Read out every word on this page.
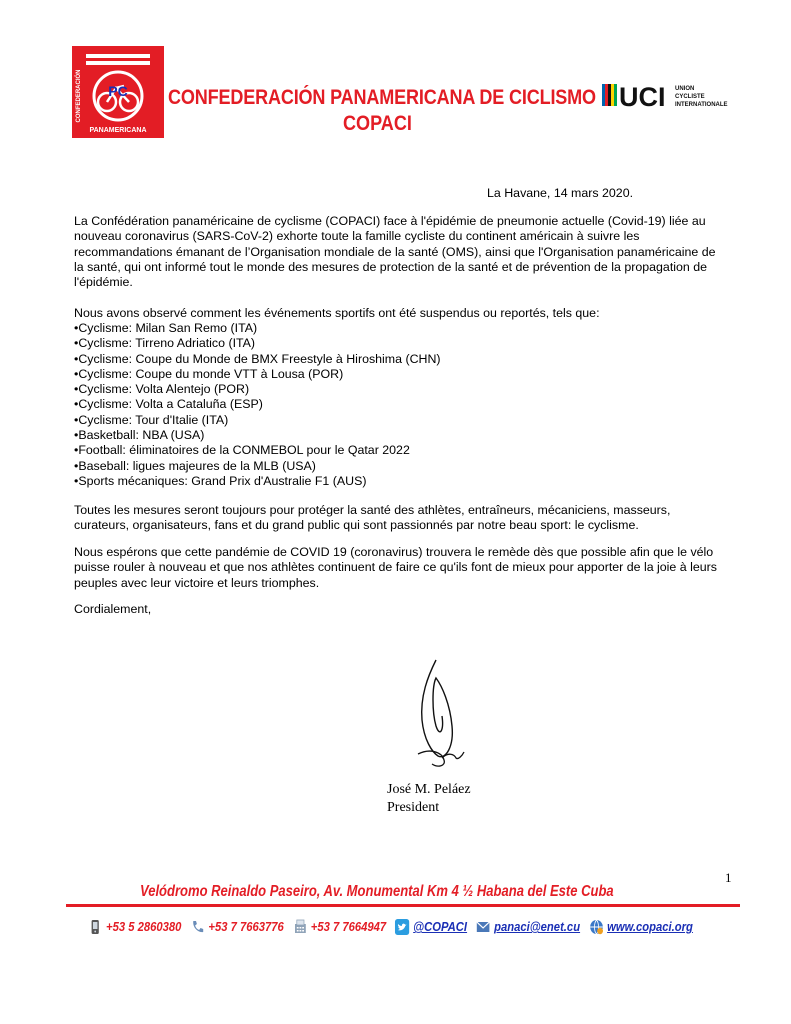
PC
PANAMERICANA
CONFEDERACIÓN	CONFEDERACIÓN PANAMERICANA DE CICLISMO
COPACI
UCI UNION
CYCLISTE
INTERNATIONALE
La Havane, 14 mars 2020.
La Confédération panaméricaine de cyclisme (COPACI) face à l'épidémie de pneumonie actuelle (Covid-19) liée au nouveau coronavirus (SARS-CoV-2) exhorte toute la famille cycliste du continent américain à suivre les recommandations émanant de l’Organisation mondiale de la santé (OMS), ainsi que l'Organisation panaméricaine de la santé, qui ont informé tout le monde des mesures de protection de la santé et de prévention de la propagation de l'épidémie.
Nous avons observé comment les événements sportifs ont été suspendus ou reportés, tels que:
• Cyclisme: Milan San Remo (ITA)
• Cyclisme: Tirreno Adriatico (ITA)
• Cyclisme: Coupe du Monde de BMX Freestyle à Hiroshima (CHN)
• Cyclisme: Coupe du monde VTT à Lousa (POR)
• Cyclisme: Volta Alentejo (POR)
• Cyclisme: Volta a Cataluña (ESP)
• Cyclisme: Tour d'Italie (ITA)
• Basketball: NBA (USA)
• Football: éliminatoires de la CONMEBOL pour le Qatar 2022
• Baseball: ligues majeures de la MLB (USA)
• Sports mécaniques: Grand Prix d'Australie F1 (AUS)
Toutes les mesures seront toujours pour protéger la santé des athlètes, entraîneurs, mécaniciens, masseurs, curateurs, organisateurs, fans et du grand public qui sont passionnés par notre beau sport: le cyclisme.
Nous espérons que cette pandémie de COVID 19 (coronavirus) trouvera le remède dès que possible afin que le vélo puisse rouler à nouveau et que nos athlètes continuent de faire ce qu'ils font de mieux pour apporter de la joie à leurs peuples avec leur victoire et leurs triomphes.
Cordialement,
José M. Peláez
President
1
Velódromo Reinaldo Paseiro, Av. Monumental Km 4 ½ Habana del Este Cuba
+53 5 2860380 +53 7 7663776 +53 7 7664947 @COPACI panaci@enet.cu www.copaci.org
